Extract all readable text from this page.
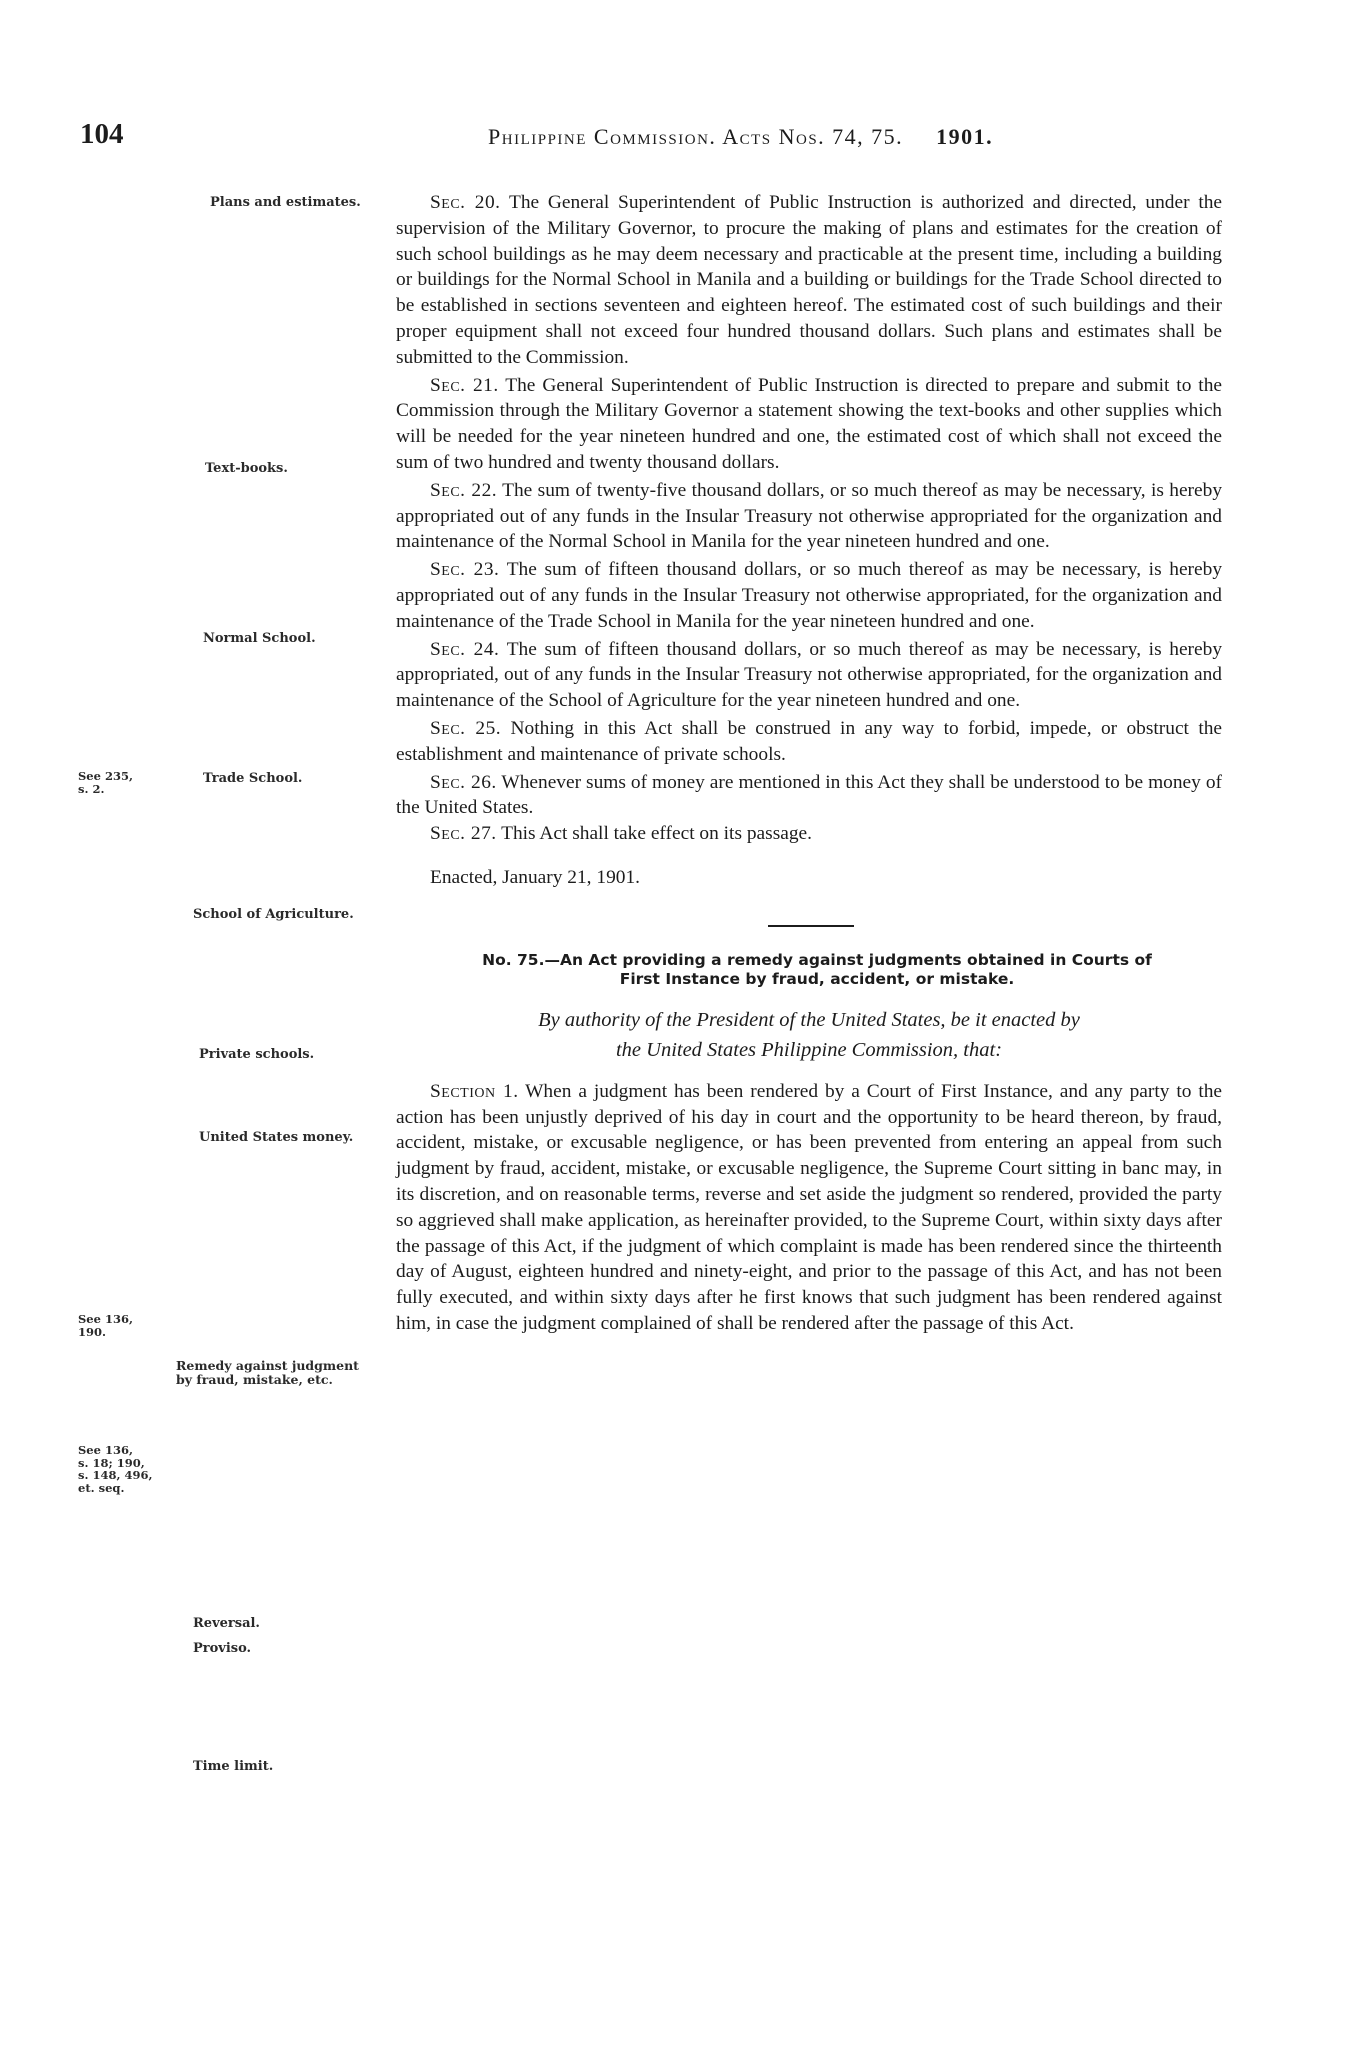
104	Philippine Commission. Acts Nos. 74, 75. 1901.
Plans and estimates.
Text-books.
Normal School.
Trade School.
School of Agriculture.
Private schools.
United States money.
Remedy against judgment by fraud, mistake, etc.
Reversal.
Proviso.
Time limit.
See 235,
s. 2.
See 136,
190.
See 136,
s. 18; 190,
s. 148, 496,
et. seq.

Sec. 20. The General Superintendent of Public Instruction is authorized and directed, under the supervision of the Military Governor, to procure the making of plans and estimates for the creation of such school buildings as he may deem necessary and practicable at the present time, including a building or buildings for the Normal School in Manila and a building or buildings for the Trade School directed to be established in sections seventeen and eighteen hereof. The estimated cost of such buildings and their proper equipment shall not exceed four hundred thousand dollars. Such plans and estimates shall be submitted to the Commission.

Sec. 21. The General Superintendent of Public Instruction is directed to prepare and submit to the Commission through the Military Governor a statement showing the text-books and other supplies which will be needed for the year nineteen hundred and one, the estimated cost of which shall not exceed the sum of two hundred and twenty thousand dollars.

Sec. 22. The sum of twenty-five thousand dollars, or so much thereof as may be necessary, is hereby appropriated out of any funds in the Insular Treasury not otherwise appropriated for the organization and maintenance of the Normal School in Manila for the year nineteen hundred and one.

Sec. 23. The sum of fifteen thousand dollars, or so much thereof as may be necessary, is hereby appropriated out of any funds in the Insular Treasury not otherwise appropriated, for the organization and maintenance of the Trade School in Manila for the year nineteen hundred and one.

Sec. 24. The sum of fifteen thousand dollars, or so much thereof as may be necessary, is hereby appropriated, out of any funds in the Insular Treasury not otherwise appropriated, for the organization and maintenance of the School of Agriculture for the year nineteen hundred and one.

Sec. 25. Nothing in this Act shall be construed in any way to forbid, impede, or obstruct the establishment and maintenance of private schools.

Sec. 26. Whenever sums of money are mentioned in this Act they shall be understood to be money of the United States.

Sec. 27. This Act shall take effect on its passage.

Enacted, January 21, 1901.

No. 75.—An Act providing a remedy against judgments obtained in Courts of
First Instance by fraud, accident, or mistake.
By authority of the President of the United States, be it enacted by
the United States Philippine Commission, that:

Section 1. When a judgment has been rendered by a Court of First Instance, and any party to the action has been unjustly deprived of his day in court and the opportunity to be heard thereon, by fraud, accident, mistake, or excusable negligence, or has been prevented from entering an appeal from such judgment by fraud, accident, mistake, or excusable negligence, the Supreme Court sitting in banc may, in its discretion, and on reasonable terms, reverse and set aside the judgment so rendered, provided the party so aggrieved shall make application, as hereinafter provided, to the Supreme Court, within sixty days after the passage of this Act, if the judgment of which complaint is made has been rendered since the thirteenth day of August, eighteen hundred and ninety-eight, and prior to the passage of this Act, and has not been fully executed, and within sixty days after he first knows that such judgment has been rendered against him, in case the judgment complained of shall be rendered after the passage of this Act.
